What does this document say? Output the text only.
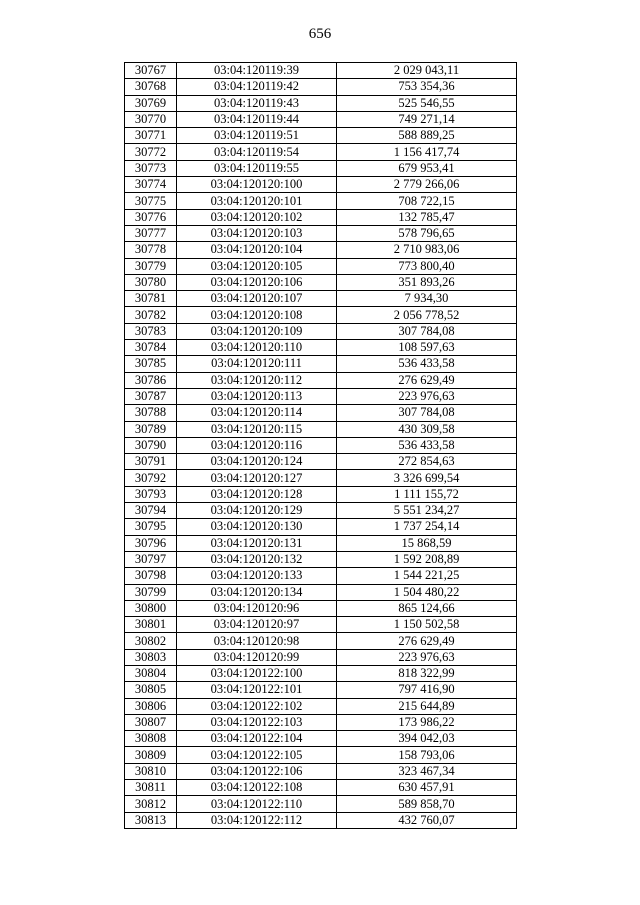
656
30767	03:04:120119:39	2 029 043,11
30768	03:04:120119:42	753 354,36
30769	03:04:120119:43	525 546,55
30770	03:04:120119:44	749 271,14
30771	03:04:120119:51	588 889,25
30772	03:04:120119:54	1 156 417,74
30773	03:04:120119:55	679 953,41
30774	03:04:120120:100	2 779 266,06
30775	03:04:120120:101	708 722,15
30776	03:04:120120:102	132 785,47
30777	03:04:120120:103	578 796,65
30778	03:04:120120:104	2 710 983,06
30779	03:04:120120:105	773 800,40
30780	03:04:120120:106	351 893,26
30781	03:04:120120:107	7 934,30
30782	03:04:120120:108	2 056 778,52
30783	03:04:120120:109	307 784,08
30784	03:04:120120:110	108 597,63
30785	03:04:120120:111	536 433,58
30786	03:04:120120:112	276 629,49
30787	03:04:120120:113	223 976,63
30788	03:04:120120:114	307 784,08
30789	03:04:120120:115	430 309,58
30790	03:04:120120:116	536 433,58
30791	03:04:120120:124	272 854,63
30792	03:04:120120:127	3 326 699,54
30793	03:04:120120:128	1 111 155,72
30794	03:04:120120:129	5 551 234,27
30795	03:04:120120:130	1 737 254,14
30796	03:04:120120:131	15 868,59
30797	03:04:120120:132	1 592 208,89
30798	03:04:120120:133	1 544 221,25
30799	03:04:120120:134	1 504 480,22
30800	03:04:120120:96	865 124,66
30801	03:04:120120:97	1 150 502,58
30802	03:04:120120:98	276 629,49
30803	03:04:120120:99	223 976,63
30804	03:04:120122:100	818 322,99
30805	03:04:120122:101	797 416,90
30806	03:04:120122:102	215 644,89
30807	03:04:120122:103	173 986,22
30808	03:04:120122:104	394 042,03
30809	03:04:120122:105	158 793,06
30810	03:04:120122:106	323 467,34
30811	03:04:120122:108	630 457,91
30812	03:04:120122:110	589 858,70
30813	03:04:120122:112	432 760,07
